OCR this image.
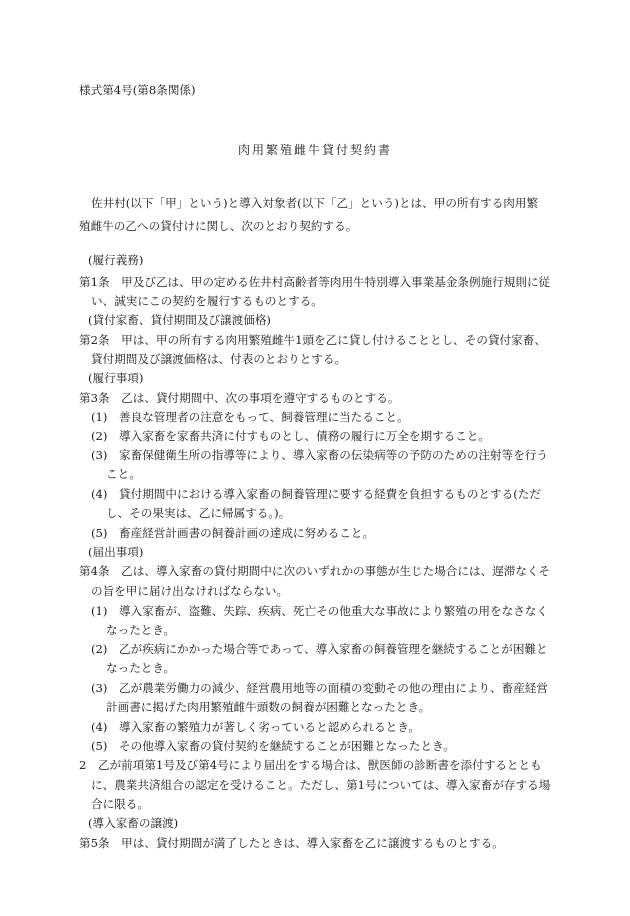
様式第4号(第8条関係)
肉用繁殖雌牛貸付契約書
佐井村(以下「甲」という)と導入対象者(以下「乙」という)とは、甲の所有する肉用繁
殖雌牛の乙への貸付けに関し、次のとおり契約する。
(履行義務)
第1条　甲及び乙は、甲の定める佐井村高齢者等肉用牛特別導入事業基金条例施行規則に従
い、誠実にこの契約を履行するものとする。
(貸付家畜、貸付期間及び譲渡価格)
第2条　甲は、甲の所有する肉用繁殖雌牛1頭を乙に貸し付けることとし、その貸付家畜、
貸付期間及び譲渡価格は、付表のとおりとする。
(履行事項)
第3条　乙は、貸付期間中、次の事項を遵守するものとする。
(1)　善良な管理者の注意をもって、飼養管理に当たること。
(2)　導入家畜を家畜共済に付すものとし、債務の履行に万全を期すること。
(3)　家畜保健衛生所の指導等により、導入家畜の伝染病等の予防のための注射等を行う
こと。
(4)　貸付期間中における導入家畜の飼養管理に要する経費を負担するものとする(ただ
し、その果実は、乙に帰属する。)。
(5)　畜産経営計画書の飼養計画の達成に努めること。
(届出事項)
第4条　乙は、導入家畜の貸付期間中に次のいずれかの事態が生じた場合には、遅滞なくそ
の旨を甲に届け出なければならない。
(1)　導入家畜が、盗難、失踪、疾病、死亡その他重大な事故により繁殖の用をなさなく
なったとき。
(2)　乙が疾病にかかった場合等であって、導入家畜の飼養管理を継続することが困難と
なったとき。
(3)　乙が農業労働力の減少、経営農用地等の面積の変動その他の理由により、畜産経営
計画書に掲げた肉用繁殖雌牛頭数の飼養が困難となったとき。
(4)　導入家畜の繁殖力が著しく劣っていると認められるとき。
(5)　その他導入家畜の貸付契約を継続することが困難となったとき。
2　乙が前項第1号及び第4号により届出をする場合は、獣医師の診断書を添付するととも
に、農業共済組合の認定を受けること。ただし、第1号については、導入家畜が存する場
合に限る。
(導入家畜の譲渡)
第5条　甲は、貸付期間が満了したときは、導入家畜を乙に譲渡するものとする。
